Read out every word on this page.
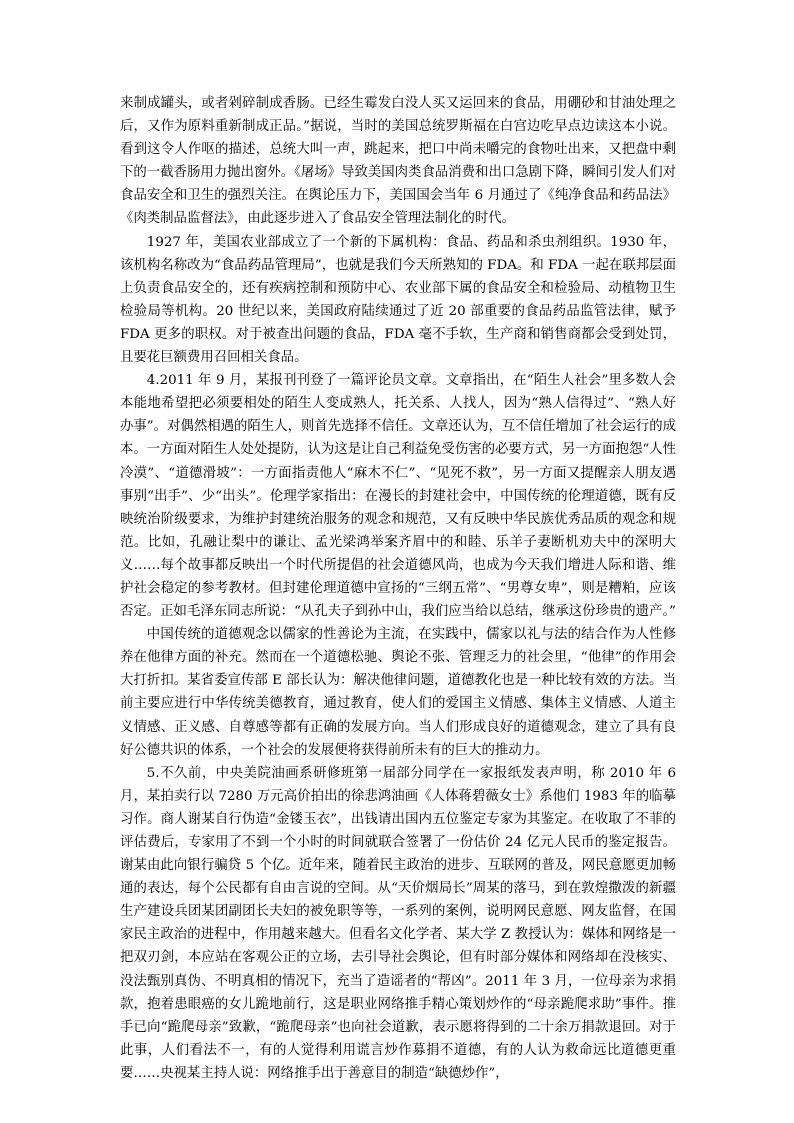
来制成罐头，或者剁碎制成香肠。已经生霉发白没人买又运回来的食品，用硼砂和甘油处理之后，又作为原料重新制成正品。”据说，当时的美国总统罗斯福在白宫边吃早点边读这本小说。看到这令人作呕的描述，总统大叫一声，跳起来，把口中尚未嚼完的食物吐出来，又把盘中剩下的一截香肠用力抛出窗外。《屠场》导致美国肉类食品消费和出口急剧下降，瞬间引发人们对食品安全和卫生的强烈关注。在舆论压力下，美国国会当年 6 月通过了《纯净食品和药品法》《肉类制品监督法》，由此逐步进入了食品安全管理法制化的时代。

1927 年，美国农业部成立了一个新的下属机构：食品、药品和杀虫剂组织。1930 年，该机构名称改为“食品药品管理局”，也就是我们今天所熟知的 FDA。和 FDA 一起在联邦层面上负责食品安全的，还有疾病控制和预防中心、农业部下属的食品安全和检验局、动植物卫生检验局等机构。20 世纪以来，美国政府陆续通过了近 20 部重要的食品药品监管法律，赋予 FDA 更多的职权。对于被查出问题的食品，FDA 毫不手软，生产商和销售商都会受到处罚，且要花巨额费用召回相关食品。

4.2011 年 9 月，某报刊刊登了一篇评论员文章。文章指出，在“陌生人社会”里多数人会本能地希望把必须要相处的陌生人变成熟人，托关系、人找人，因为“熟人信得过”、“熟人好办事”。对偶然相遇的陌生人，则首先选择不信任。文章还认为，互不信任增加了社会运行的成本。一方面对陌生人处处提防，认为这是让自己利益免受伤害的必要方式，另一方面抱怨“人性冷漠”、“道德滑坡”：一方面指责他人“麻木不仁”、“见死不救”，另一方面又提醒亲人朋友遇事别“出手”、少“出头”。伦理学家指出：在漫长的封建社会中，中国传统的伦理道德，既有反映统治阶级要求，为维护封建统治服务的观念和规范，又有反映中华民族优秀品质的观念和规范。比如，孔融让梨中的谦让、孟光梁鸿举案齐眉中的和睦、乐羊子妻断机劝夫中的深明大义……每个故事都反映出一个时代所提倡的社会道德风尚，也成为今天我们增进人际和谐、维护社会稳定的参考教材。但封建伦理道德中宣扬的“三纲五常”、“男尊女卑”，则是糟粕，应该否定。正如毛泽东同志所说：“从孔夫子到孙中山，我们应当给以总结，继承这份珍贵的遗产。”

中国传统的道德观念以儒家的性善论为主流，在实践中，儒家以礼与法的结合作为人性修养在他律方面的补充。然而在一个道德松驰、舆论不张、管理乏力的社会里，“他律”的作用会大打折扣。某省委宣传部 E 部长认为：解决他律问题，道德教化也是一种比较有效的方法。当前主要应进行中华传统美德教育，通过教育，使人们的爱国主义情感、集体主义情感、人道主义情感、正义感、自尊感等都有正确的发展方向。当人们形成良好的道德观念，建立了具有良好公德共识的体系，一个社会的发展便将获得前所未有的巨大的推动力。

5.不久前，中央美院油画系研修班第一届部分同学在一家报纸发表声明，称 2010 年 6 月，某拍卖行以 7280 万元高价拍出的徐悲鸿油画《人体蒋碧薇女士》系他们 1983 年的临摹习作。商人谢某自行伪造“金镂玉衣”，出钱请出国内五位鉴定专家为其鉴定。在收取了不菲的评估费后，专家用了不到一个小时的时间就联合签署了一份估价 24 亿元人民币的鉴定报告。谢某由此向银行骗贷 5 个亿。近年来，随着民主政治的进步、互联网的普及，网民意愿更加畅通的表达，每个公民都有自由言说的空间。从“天价烟局长”周某的落马，到在敦煌撒泼的新疆生产建设兵团某团副团长夫妇的被免职等等，一系列的案例，说明网民意愿、网友监督，在国家民主政治的进程中，作用越来越大。但看名文化学者、某大学 Z 教授认为：媒体和网络是一把双刃剑，本应站在客观公正的立场，去引导社会舆论，但有时部分媒体和网络却在没核实、没法甄别真伪、不明真相的情况下，充当了造谣者的“帮凶”。2011 年 3 月，一位母亲为求捐款，抱着患眼癌的女儿跪地前行，这是职业网络推手精心策划炒作的“母亲跪爬求助”事件。推手已向“跪爬母亲”致歉，“跪爬母亲”也向社会道歉，表示愿将得到的二十余万捐款退回。对于此事，人们看法不一，有的人觉得利用谎言炒作募捐不道德，有的人认为救命远比道德更重要……央视某主持人说：网络推手出于善意目的制造“缺德炒作”，
